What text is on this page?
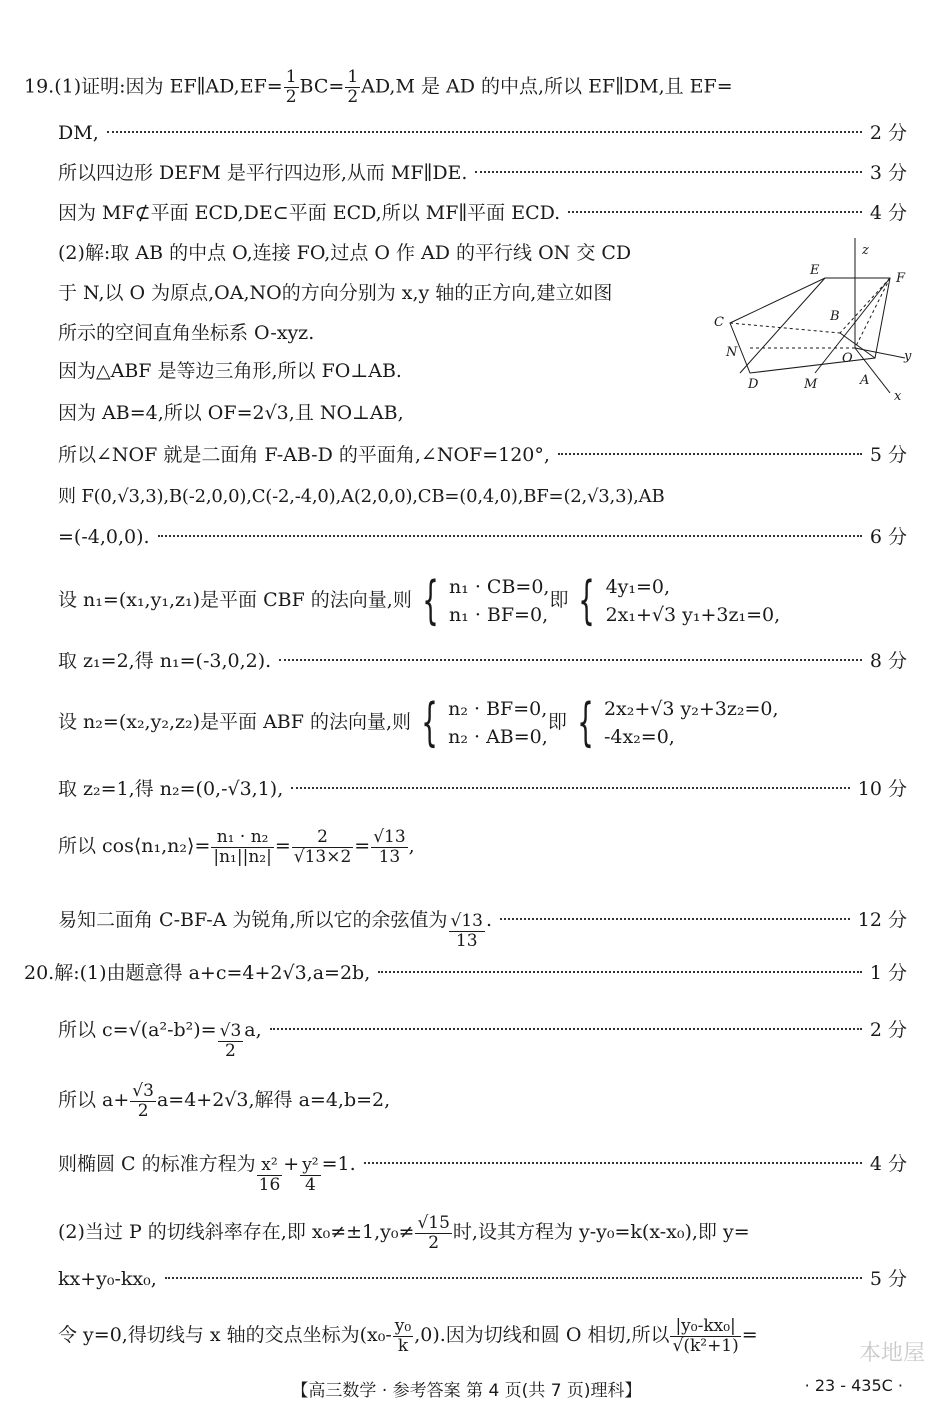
19.(1)证明:因为 EF∥AD,EF= $\frac{1}{2} BC= \frac{1}{2} AD,M$ 是 AD 的中点,所以 EF∥DM,且 EF=
DM,	2 分
所以四边形 DEFM 是平行四边形,从而 MF∥DE.	3 分
因为 MF⊄平面 ECD,DE⊂平面 ECD,所以 MF∥平面 ECD.	4 分
(2)解:取 AB 的中点 O,连接 FO,过点 O 作 AD 的平行线 ON 交 CD
于 N,以 O 为原点,OA,NO的方向分别为 x,y 轴的正方向,建立如图
所示的空间直角坐标系 O-xyz.
因为△ABF 是等边三角形,所以 FO⊥AB.
因为 AB=4,所以 OF=2√3,且 NO⊥AB,
所以∠NOF 就是二面角 F-AB-D 的平面角,∠NOF=120°,	5 分
则 F(0,√3,3),B(-2,0,0),C(-2,-4,0),A(2,0,0),CB=(0,4,0),BF=(2,√3,3),AB
=(-4,0,0).	6 分
设 n₁=(x₁,y₁,z₁)是平面 CBF 的法向量,则 { n₁ · CB=0,
n₁ · BF=0,
即 { 4y₁=0,
2x₁+√3 y₁+3z₁=0,
取 z₁=2,得 n₁=(-3,0,2).	8 分
设 n₂=(x₂,y₂,z₂)是平面 ABF 的法向量,则 { n₂ · BF=0,
n₂ · AB=0,
即 { 2x₂+√3 y₂+3z₂=0,
-4x₂=0,
取 z₂=1,得 n₂=(0,-√3,1),	10 分
所以 cos⟨n₁,n₂⟩= $\frac{\text{n₁ · n₂}}{\text{|n₁||n₂|}} = \frac{2}{√13\times 2} = \frac{√13}{13}$ ,
易知二面角 C-BF-A 为锐角,所以它的余弦值为 $\frac{√13}{13}$ .	12 分
E
F
C	B
N	O
D	M	A
x
y
z
20.解:(1)由题意得 a+c=4+2√3,a=2b,	1 分
所以 $c=√(a^2-b^2)= \frac{√3}{2} a$,	2 分
所以 $a+ \frac{√3}{2} a=4+2√3$,解得 a=4,b=2,
则椭圆 C 的标准方程为 $\frac{\text{x²}}{16} + \frac{\text{y²}}{4} =1$.	4 分
(2)当过 P 的切线斜率存在,即 $x_0\ne\pm 1,y_0\ne \frac{√15}{2}$ 时,设其方程为 y-y₀=k(x-x₀),即 y=
kx+y₀-kx₀,	5 分
令 y=0,得切线与 x 轴的交点坐标为$(x_0- \frac{\text{y₀}}{k} ,0)$.因为切线和圆 O 相切,所以 $\frac{\text{|y₀-kx₀|}}{\text{√(k²+1)}}$ =
【高三数学 · 参考答案 第 4 页(共 7 页)理科】	· 23 - 435C ·
本地屋
